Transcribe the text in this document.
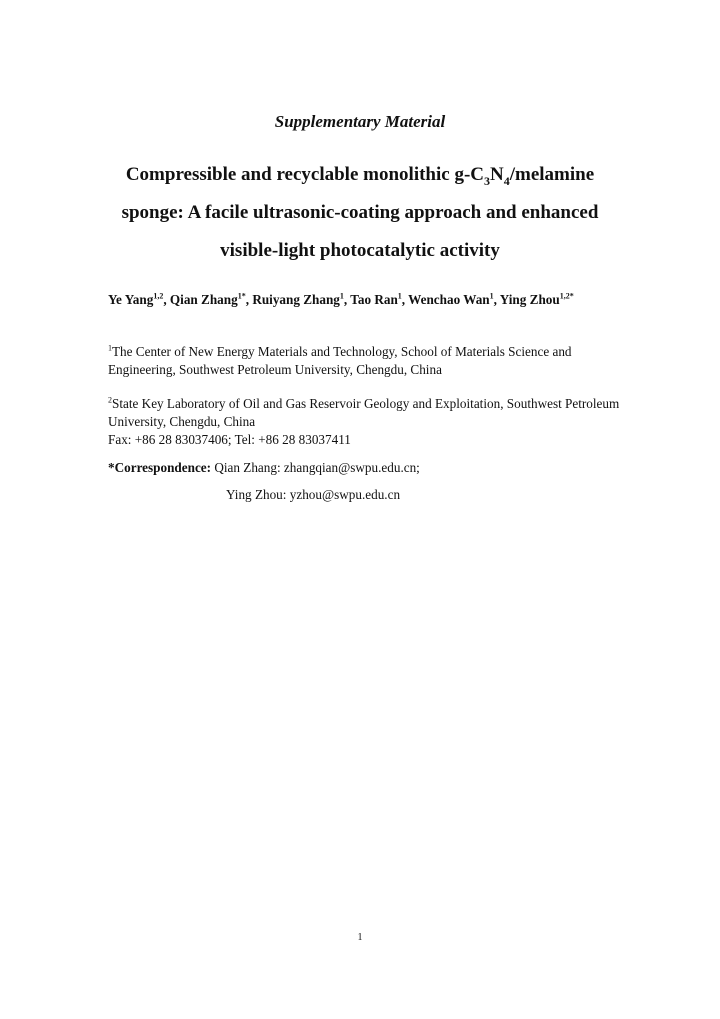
Supplementary Material
Compressible and recyclable monolithic $g-C_3N_4$/melamine
sponge: A facile ultrasonic-coating approach and enhanced
visible-light photocatalytic activity
Ye Yang$^{1,2}$, Qian Zhang$^{1*}$, Ruiyang Zhang$^1$, Tao Ran$^1$, Wenchao Wan$^1$, Ying Zhou$^{1,2*}$
$^1$The Center of New Energy Materials and Technology, School of Materials Science and Engineering, Southwest Petroleum University, Chengdu, China
$^2$State Key Laboratory of Oil and Gas Reservoir Geology and Exploitation, Southwest Petroleum University, Chengdu, China
Fax: +86 28 83037406; Tel: +86 28 83037411
*Correspondence: Qian Zhang: zhangqian@swpu.edu.cn;
Ying Zhou: yzhou@swpu.edu.cn
1
